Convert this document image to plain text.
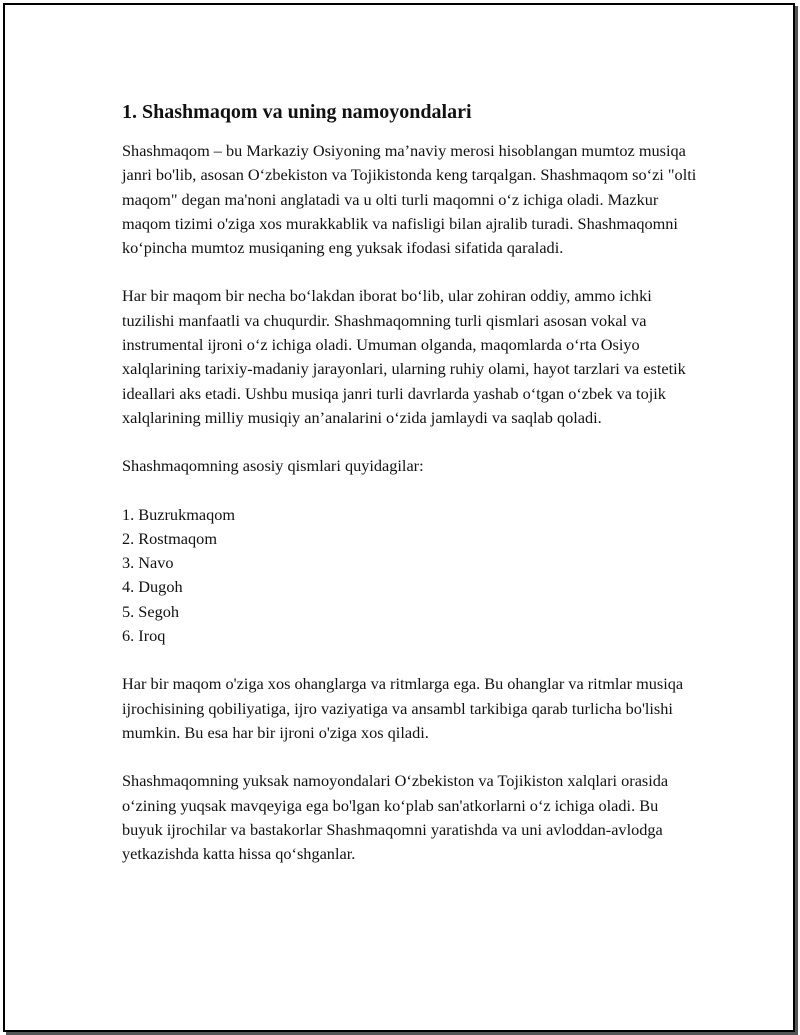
1. Shashmaqom va uning namoyondalari

Shashmaqom – bu Markaziy Osiyoning ma’naviy merosi hisoblangan mumtoz musiqa janri bo'lib, asosan O‘zbekiston va Tojikistonda keng tarqalgan. Shashmaqom so‘zi "olti maqom" degan ma'noni anglatadi va u olti turli maqomni o‘z ichiga oladi. Mazkur maqom tizimi o'ziga xos murakkablik va nafisligi bilan ajralib turadi. Shashmaqomni ko‘pincha mumtoz musiqaning eng yuksak ifodasi sifatida qaraladi.

Har bir maqom bir necha bo‘lakdan iborat bo‘lib, ular zohiran oddiy, ammo ichki tuzilishi manfaatli va chuqurdir. Shashmaqomning turli qismlari asosan vokal va instrumental ijroni o‘z ichiga oladi. Umuman olganda, maqomlarda o‘rta Osiyo xalqlarining tarixiy-madaniy jarayonlari, ularning ruhiy olami, hayot tarzlari va estetik ideallari aks etadi. Ushbu musiqa janri turli davrlarda yashab o‘tgan o‘zbek va tojik xalqlarining milliy musiqiy an’analarini o‘zida jamlaydi va saqlab qoladi.

Shashmaqomning asosiy qismlari quyidagilar:

1. Buzrukmaqom
2. Rostmaqom
3. Navo
4. Dugoh
5. Segoh
6. Iroq

Har bir maqom o'ziga xos ohanglarga va ritmlarga ega. Bu ohanglar va ritmlar musiqa ijrochisining qobiliyatiga, ijro vaziyatiga va ansambl tarkibiga qarab turlicha bo'lishi mumkin. Bu esa har bir ijroni o'ziga xos qiladi.

Shashmaqomning yuksak namoyondalari O‘zbekiston va Tojikiston xalqlari orasida o‘zining yuqsak mavqeyiga ega bo'lgan ko‘plab san'atkorlarni o‘z ichiga oladi. Bu buyuk ijrochilar va bastakorlar Shashmaqomni yaratishda va uni avloddan-avlodga yetkazishda katta hissa qo‘shganlar.
